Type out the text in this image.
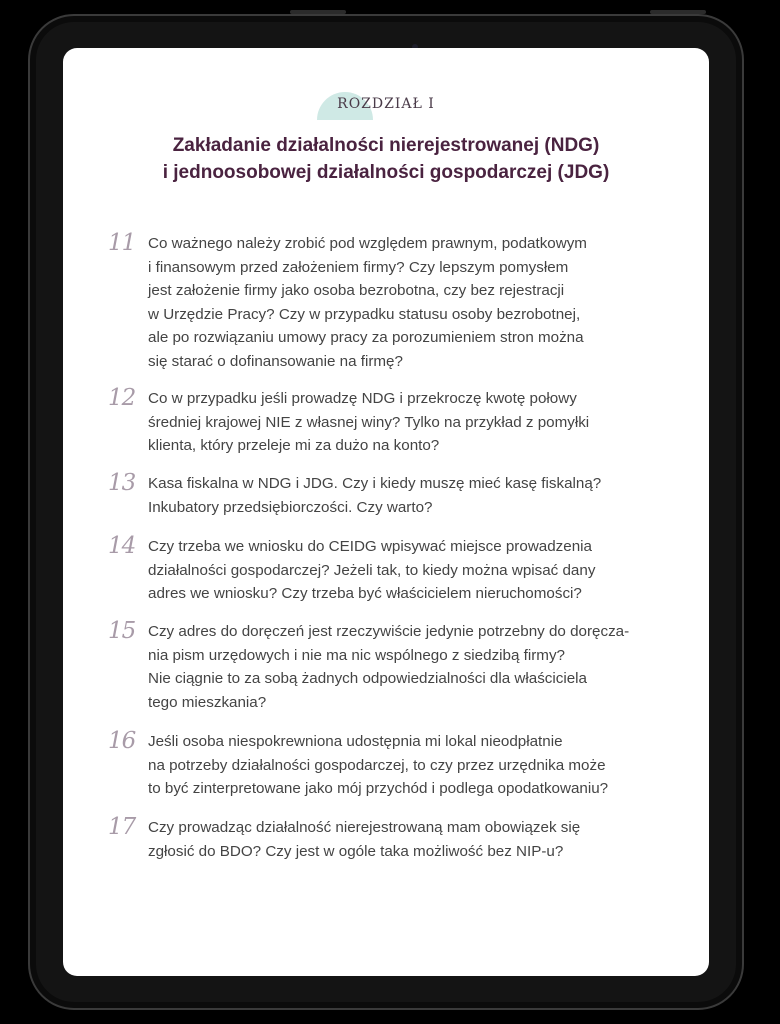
ROZDZIAŁ I
Zakładanie działalności nierejestrowanej (NDG)
i jednoosobowej działalności gospodarczej (JDG)
11 Co ważnego należy zrobić pod względem prawnym, podatkowym
i finansowym przed założeniem firmy? Czy lepszym pomysłem
jest założenie firmy jako osoba bezrobotna, czy bez rejestracji
w Urzędzie Pracy? Czy w przypadku statusu osoby bezrobotnej,
ale po rozwiązaniu umowy pracy za porozumieniem stron można
się starać o dofinansowanie na firmę?
12 Co w przypadku jeśli prowadzę NDG i przekroczę kwotę połowy
średniej krajowej NIE z własnej winy? Tylko na przykład z pomyłki
klienta, który przeleje mi za dużo na konto?
13 Kasa fiskalna w NDG i JDG. Czy i kiedy muszę mieć kasę fiskalną?
Inkubatory przedsiębiorczości. Czy warto?
14 Czy trzeba we wniosku do CEIDG wpisywać miejsce prowadzenia
działalności gospodarczej? Jeżeli tak, to kiedy można wpisać dany
adres we wniosku? Czy trzeba być właścicielem nieruchomości?
15 Czy adres do doręczeń jest rzeczywiście jedynie potrzebny do doręcza-
nia pism urzędowych i nie ma nic wspólnego z siedzibą firmy?
Nie ciągnie to za sobą żadnych odpowiedzialności dla właściciela
tego mieszkania?
16 Jeśli osoba niespokrewniona udostępnia mi lokal nieodpłatnie
na potrzeby działalności gospodarczej, to czy przez urzędnika może
to być zinterpretowane jako mój przychód i podlega opodatkowaniu?
17 Czy prowadząc działalność nierejestrowaną mam obowiązek się
zgłosić do BDO? Czy jest w ogóle taka możliwość bez NIP-u?
